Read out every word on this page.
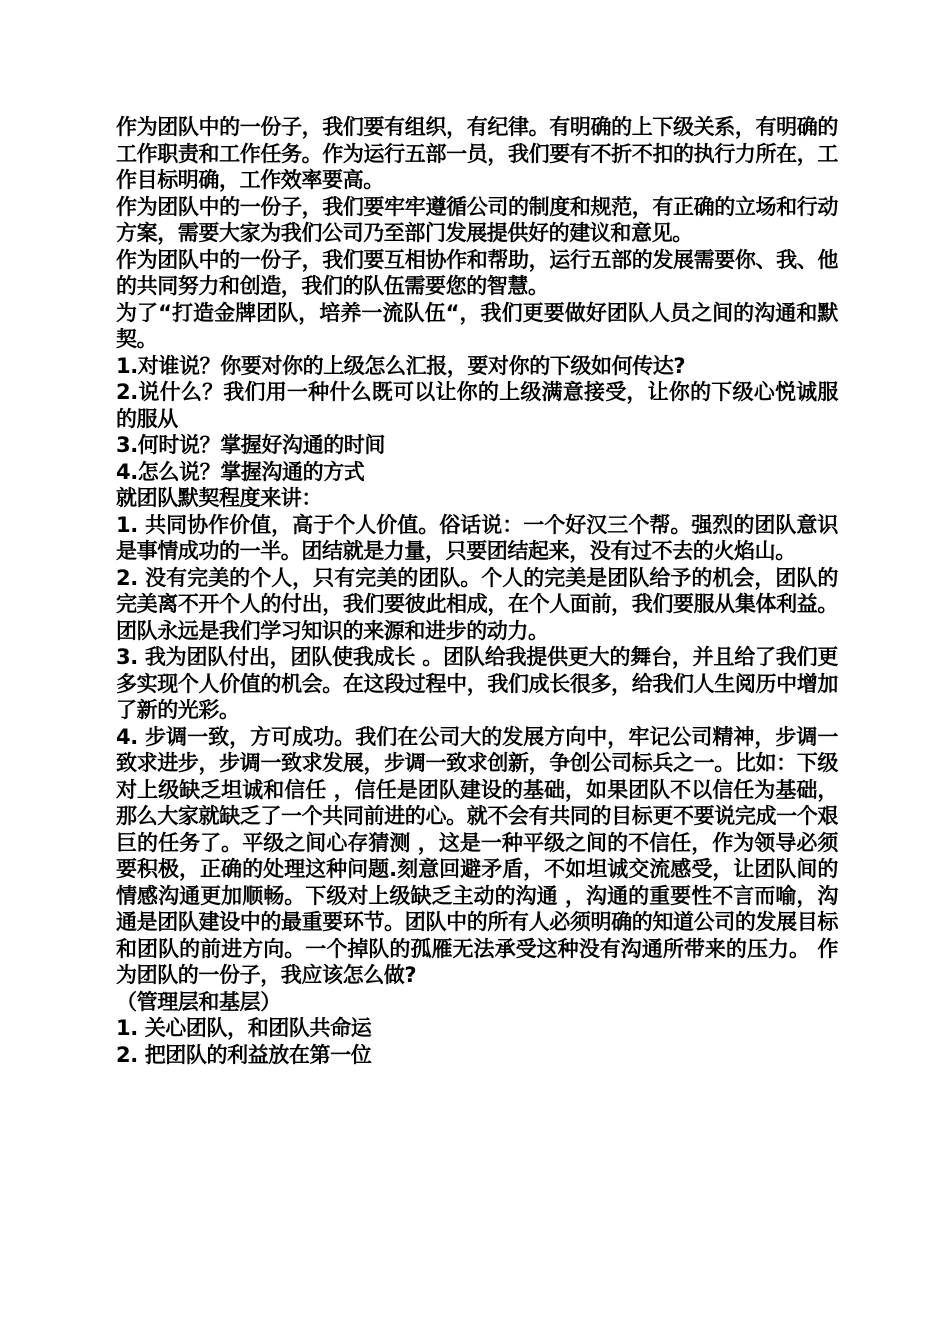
作为团队中的一份子，我们要有组织，有纪律。有明确的上下级关系，有明确的工作职责和工作任务。作为运行五部一员，我们要有不折不扣的执行力所在，工作目标明确，工作效率要高。

作为团队中的一份子，我们要牢牢遵循公司的制度和规范，有正确的立场和行动方案，需要大家为我们公司乃至部门发展提供好的建议和意见。

作为团队中的一份子，我们要互相协作和帮助，运行五部的发展需要你、我、他的共同努力和创造，我们的队伍需要您的智慧。

为了“打造金牌团队，培养一流队伍“，我们更要做好团队人员之间的沟通和默契。

1.对谁说？你要对你的上级怎么汇报，要对你的下级如何传达?

2.说什么？我们用一种什么既可以让你的上级满意接受，让你的下级心悦诚服的服从

3.何时说？掌握好沟通的时间

4.怎么说？掌握沟通的方式

就团队默契程度来讲：

1. 共同协作价值，高于个人价值。俗话说：一个好汉三个帮。强烈的团队意识是事情成功的一半。团结就是力量，只要团结起来，没有过不去的火焰山。

2. 没有完美的个人，只有完美的团队。个人的完美是团队给予的机会，团队的完美离不开个人的付出，我们要彼此相成，在个人面前，我们要服从集体利益。团队永远是我们学习知识的来源和进步的动力。

3. 我为团队付出，团队使我成长 。团队给我提供更大的舞台，并且给了我们更多实现个人价值的机会。在这段过程中，我们成长很多，给我们人生阅历中增加了新的光彩。

4. 步调一致，方可成功。我们在公司大的发展方向中，牢记公司精神，步调一致求进步，步调一致求发展，步调一致求创新，争创公司标兵之一。比如：下级对上级缺乏坦诚和信任 ，信任是团队建设的基础，如果团队不以信任为基础，那么大家就缺乏了一个共同前进的心。就不会有共同的目标更不要说完成一个艰巨的任务了。平级之间心存猜测 ，这是一种平级之间的不信任，作为领导必须要积极，正确的处理这种问题.刻意回避矛盾，不如坦诚交流感受，让团队间的情感沟通更加顺畅。下级对上级缺乏主动的沟通 ，沟通的重要性不言而喻，沟通是团队建设中的最重要环节。团队中的所有人必须明确的知道公司的发展目标和团队的前进方向。一个掉队的孤雁无法承受这种没有沟通所带来的压力。 作为团队的一份子，我应该怎么做?

（管理层和基层）

1. 关心团队，和团队共命运

2. 把团队的利益放在第一位
